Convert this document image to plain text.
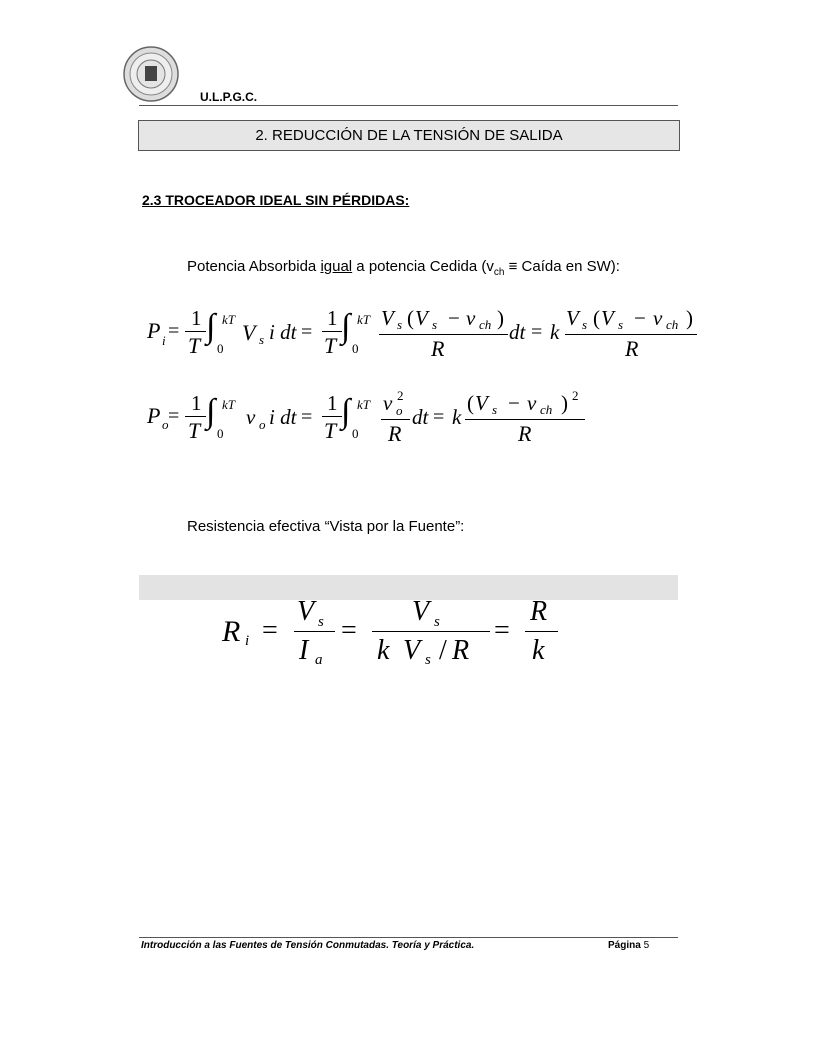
U.L.P.G.C.
2. REDUCCIÓN DE LA TENSIÓN DE SALIDA
2.3 TROCEADOR IDEAL SIN PÉRDIDAS:
Potencia Absorbida igual a potencia Cedida ($v_{ch}$ ≡ Caída en SW):
P i =
1
T
∫ kT
0
V s i dt =
1
T
∫ kT
0
V s ( V s − v ch )
R
dt = k
V s ( V s − v ch )
R
P o =
1
T
∫ kT
0
v o i dt =
1
T
∫ kT
0
v 2
o
R
dt = k
( V s − v ch ) 2
R
Resistencia efectiva “Vista por la Fuente”:
R i =
V s
I a
=
V s
k V s / R
=
R
k
Introducción a las Fuentes de Tensión Conmutadas. Teoría y Práctica.	Página 5
